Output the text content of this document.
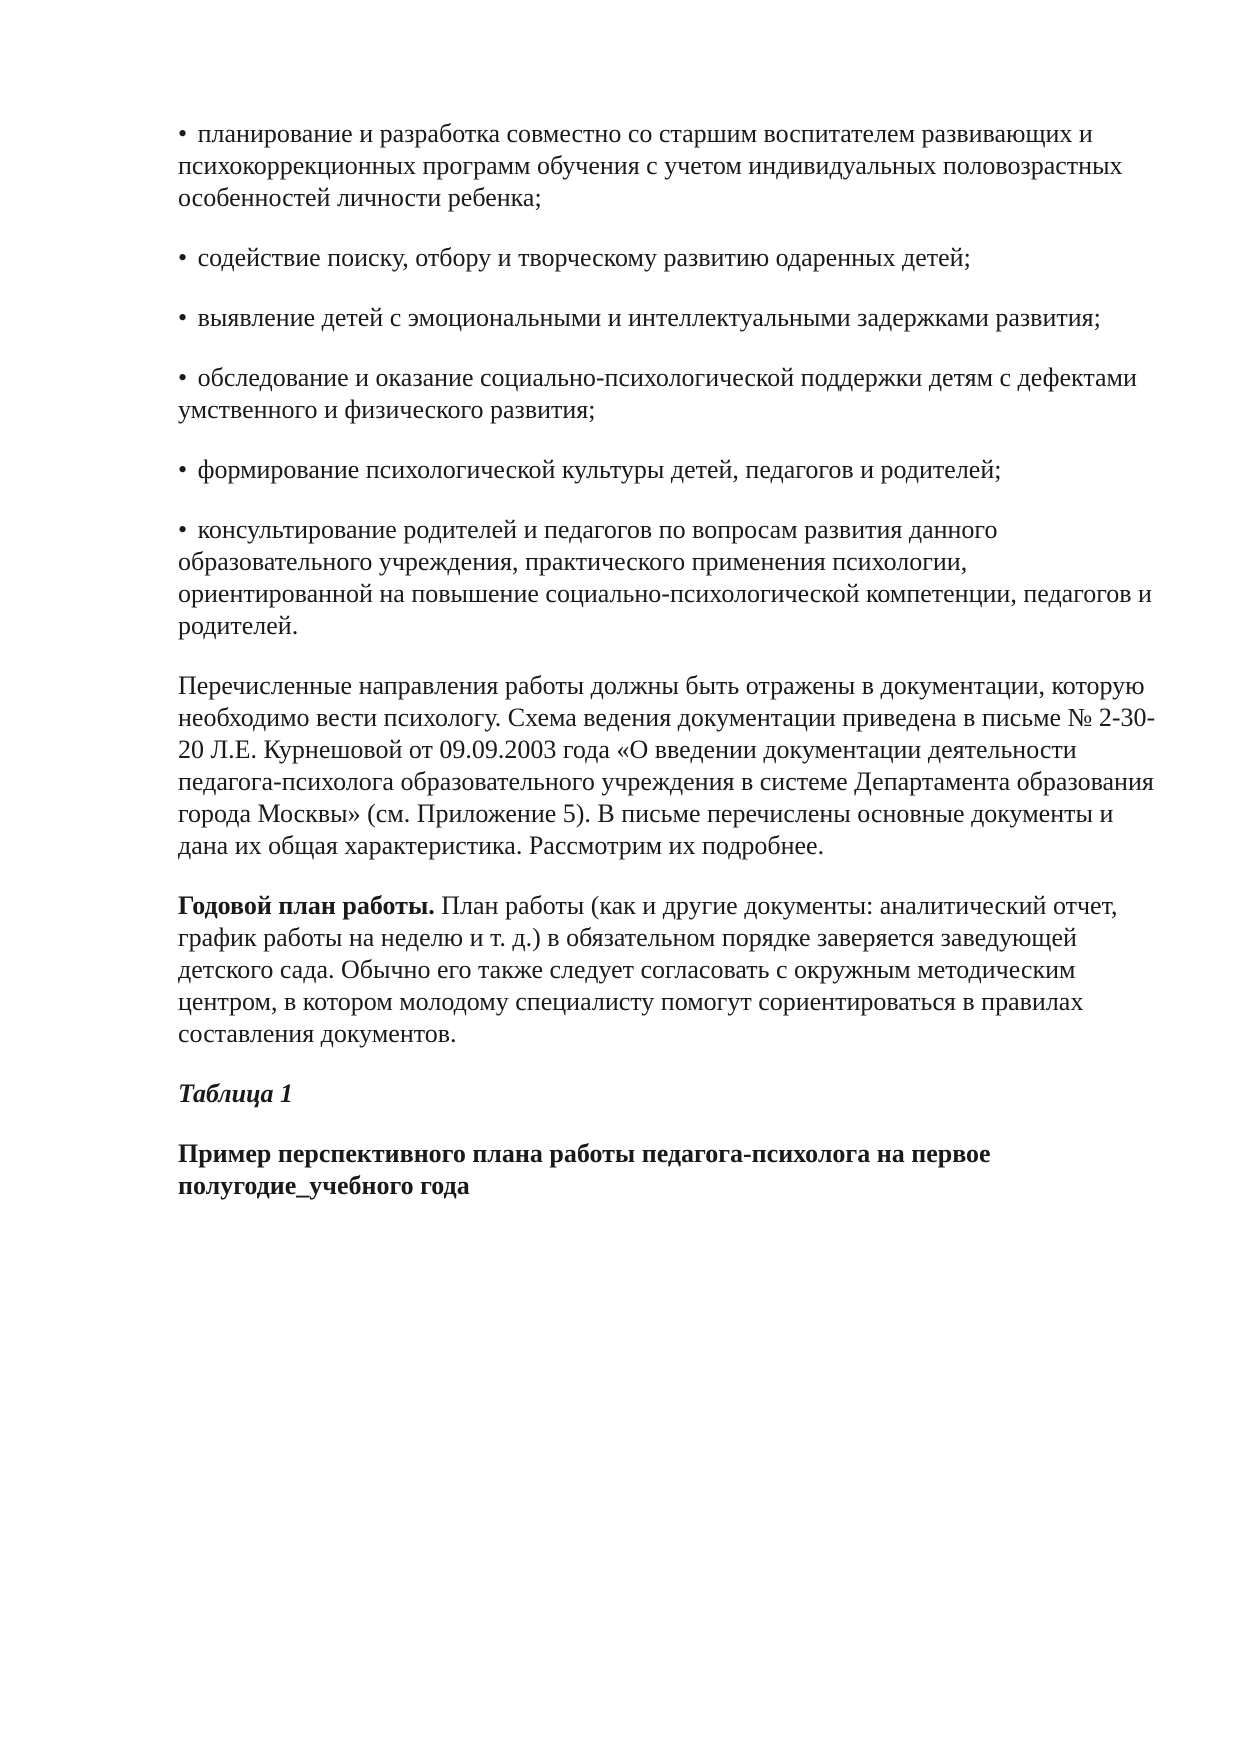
• планирование и разработка совместно со старшим воспитателем развивающих и психокоррекционных программ обучения с учетом индивидуальных половозрастных особенностей личности ребенка;
• содействие поиску, отбору и творческому развитию одаренных детей;
• выявление детей с эмоциональными и интеллектуальными задержками развития;
• обследование и оказание социально-психологической поддержки детям с дефектами умственного и физического развития;
• формирование психологической культуры детей, педагогов и родителей;
• консультирование родителей и педагогов по вопросам развития данного образовательного учреждения, практического применения психологии, ориентированной на повышение социально-психологической компетенции, педагогов и родителей.

Перечисленные направления работы должны быть отражены в документации, которую необходимо вести психологу. Схема ведения документации приведена в письме № 2-30-20 Л.Е. Курнешовой от 09.09.2003 года «О введении документации деятельности педагога-психолога образовательного учреждения в системе Департамента образования города Москвы» (см. Приложение 5). В письме перечислены основные документы и дана их общая характеристика. Рассмотрим их подробнее.

Годовой план работы. План работы (как и другие документы: аналитический отчет, график работы на неделю и т. д.) в обязательном порядке заверяется заведующей детского сада. Обычно его также следует согласовать с окружным методическим центром, в котором молодому специалисту помогут сориентироваться в правилах составления документов.

Таблица 1

Пример перспективного плана работы педагога-психолога на первое полугодие_учебного года
